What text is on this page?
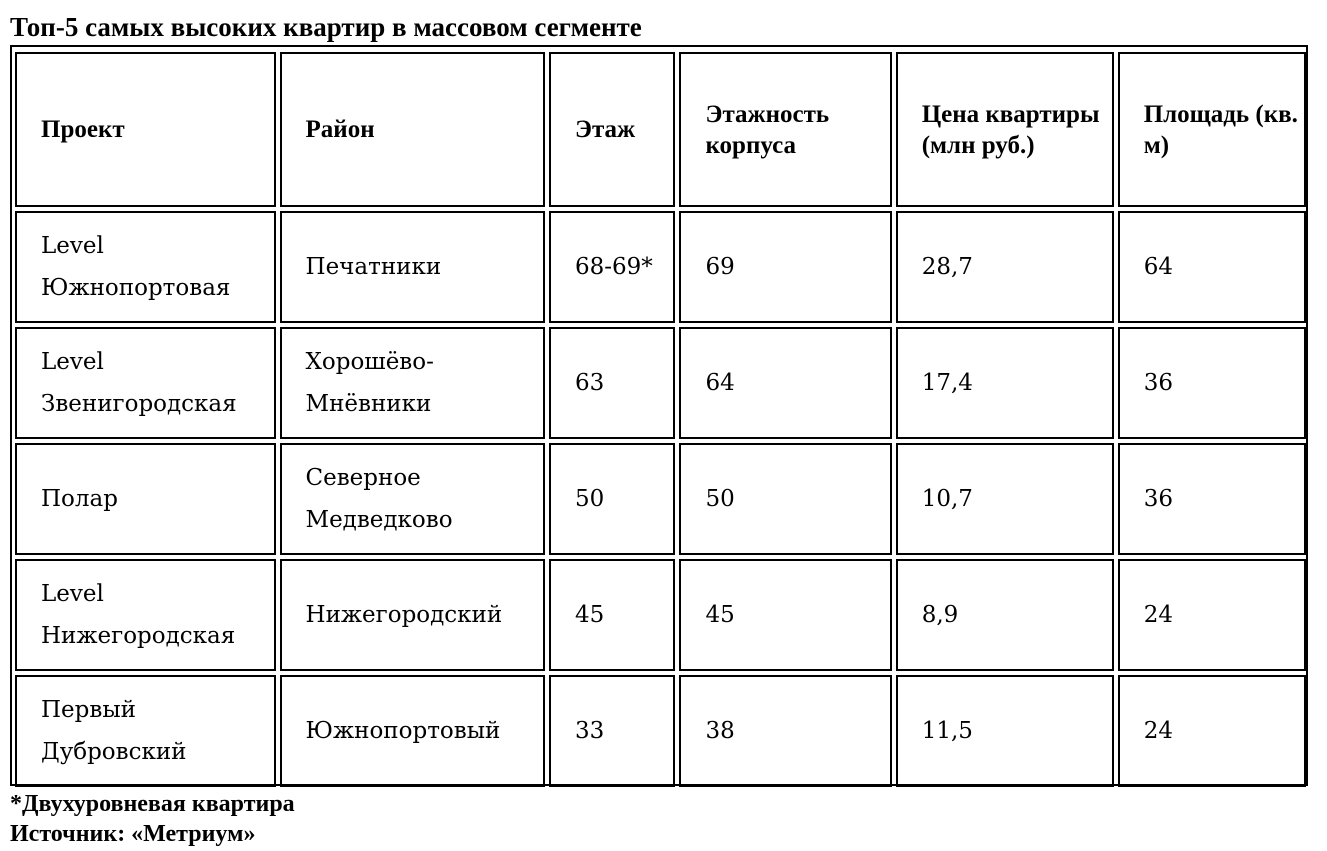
Топ-5 самых высоких квартир в массовом сегменте
Проект	Район	Этаж	Этажность корпуса	Цена квартиры (млн руб.)	Площадь (кв. м)
Level Южнопортовая	Печатники	68-69*	69	28,7	64
Level Звенигородская	Хорошёво-Мнёвники	63	64	17,4	36
Полар	Северное Медведково	50	50	10,7	36
Level Нижегородская	Нижегородский	45	45	8,9	24
Первый Дубровский	Южнопортовый	33	38	11,5	24
*Двухуровневая квартира
Источник: «Метриум»
